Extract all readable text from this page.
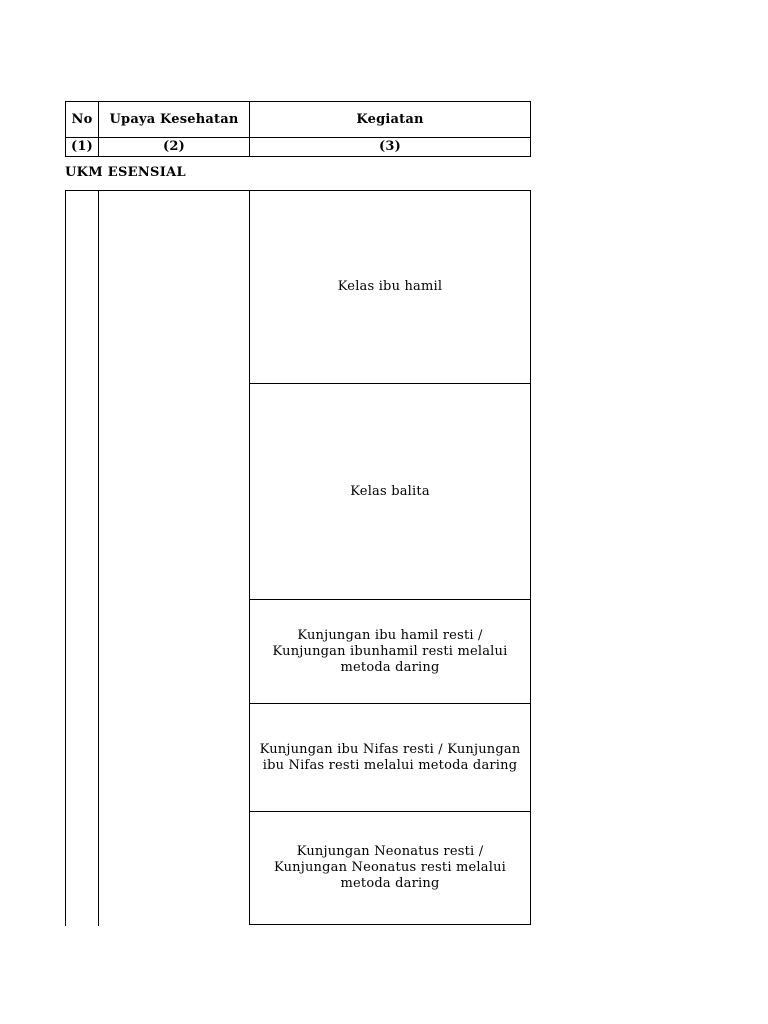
No	Upaya Kesehatan	Kegiatan
(1)	(2)	(3)
UKM ESENSIAL
Kelas ibu hamil
Kelas balita
Kunjungan ibu hamil resti / Kunjungan ibunhamil resti melalui metoda daring
Kunjungan ibu Nifas resti / Kunjungan ibu Nifas resti melalui metoda daring
Kunjungan Neonatus resti / Kunjungan Neonatus resti melalui metoda daring
